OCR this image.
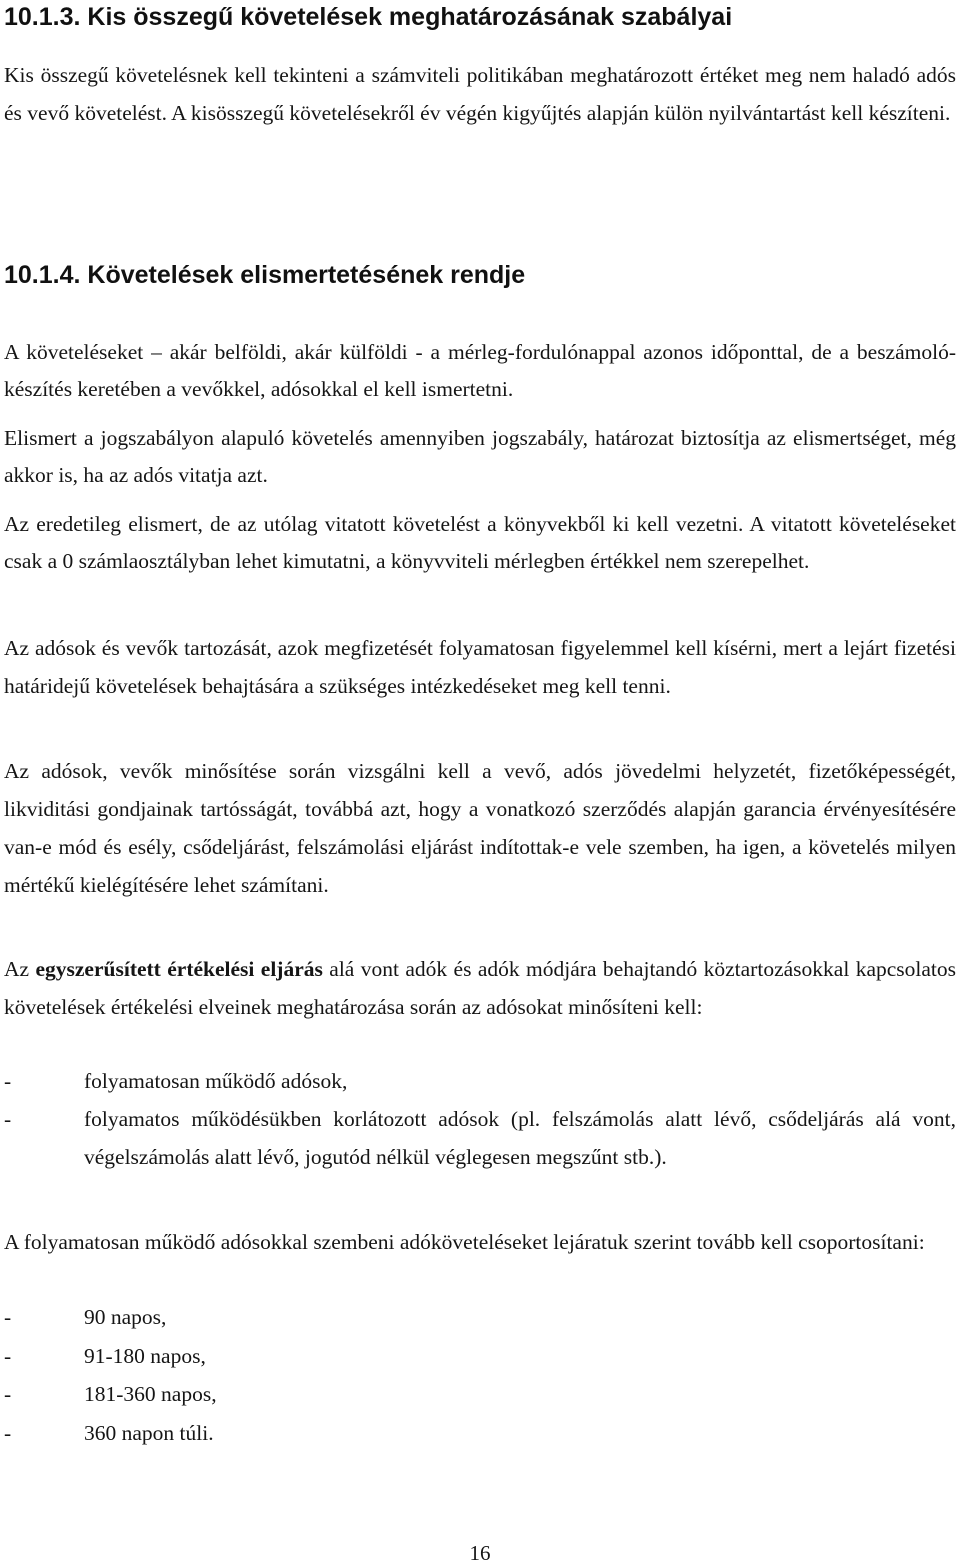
10.1.3. Kis összegű követelések meghatározásának szabályai

Kis összegű követelésnek kell tekinteni a számviteli politikában meghatározott értéket meg nem haladó adós és vevő követelést. A kisösszegű követelésekről év végén kigyűjtés alapján külön nyilvántartást kell készíteni.

10.1.4. Követelések elismertetésének rendje

A követeléseket – akár belföldi, akár külföldi - a mérleg-fordulónappal azonos időponttal, de a beszámoló-készítés keretében a vevőkkel, adósokkal el kell ismertetni.

Elismert a jogszabályon alapuló követelés amennyiben jogszabály, határozat biztosítja az elismertséget, még akkor is, ha az adós vitatja azt.

Az eredetileg elismert, de az utólag vitatott követelést a könyvekből ki kell vezetni. A vitatott követeléseket csak a 0 számlaosztályban lehet kimutatni, a könyvviteli mérlegben értékkel nem szerepelhet.

Az adósok és vevők tartozását, azok megfizetését folyamatosan figyelemmel kell kísérni, mert a lejárt fizetési határidejű követelések behajtására a szükséges intézkedéseket meg kell tenni.

Az adósok, vevők minősítése során vizsgálni kell a vevő, adós jövedelmi helyzetét, fizetőképességét, likviditási gondjainak tartósságát, továbbá azt, hogy a vonatkozó szerződés alapján garancia érvényesítésére van-e mód és esély, csődeljárást, felszámolási eljárást indítottak-e vele szemben, ha igen, a követelés milyen mértékű kielégítésére lehet számítani.

Az egyszerűsített értékelési eljárás alá vont adók és adók módjára behajtandó köztartozásokkal kapcsolatos követelések értékelési elveinek meghatározása során az adósokat minősíteni kell:

-	folyamatosan működő adósok,
-	folyamatos működésükben korlátozott adósok (pl. felszámolás alatt lévő, csődeljárás alá vont, végelszámolás alatt lévő, jogutód nélkül véglegesen megszűnt stb.).

A folyamatosan működő adósokkal szembeni adóköveteléseket lejáratuk szerint tovább kell csoportosítani:

-	90 napos,
-	91-180 napos,
-	181-360 napos,
-	360 napon túli.
16
